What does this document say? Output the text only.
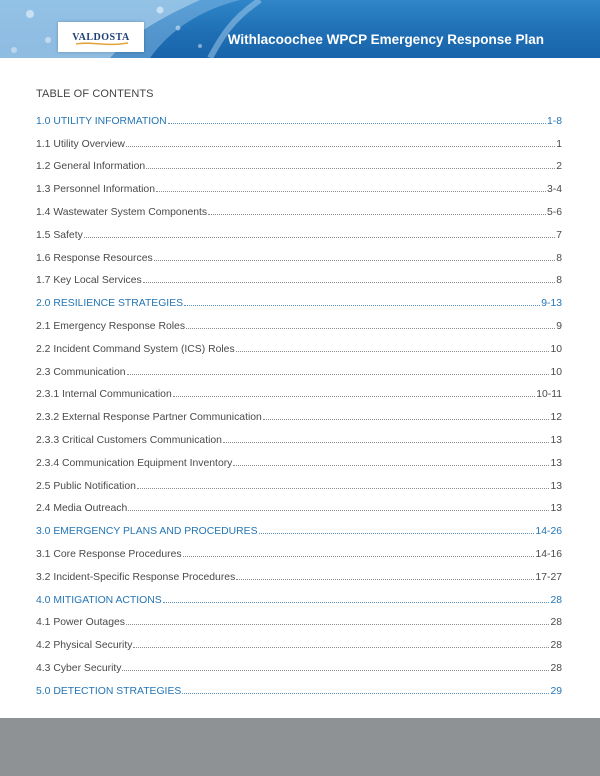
VALDOSTA	Withlacoochee WPCP Emergency Response Plan
TABLE OF CONTENTS
1.0 UTILITY INFORMATION	1-8
1.1 Utility Overview	1
1.2 General Information	2
1.3 Personnel Information	3-4
1.4 Wastewater System Components	5-6
1.5 Safety	7
1.6 Response Resources	8
1.7 Key Local Services	8
2.0 RESILIENCE STRATEGIES	9-13
2.1 Emergency Response Roles	9
2.2 Incident Command System (ICS) Roles	10
2.3 Communication	10
2.3.1 Internal Communication	10-11
2.3.2 External Response Partner Communication	12
2.3.3 Critical Customers Communication	13
2.3.4 Communication Equipment Inventory	13
2.5 Public Notification	13
2.4 Media Outreach	13
3.0 EMERGENCY PLANS AND PROCEDURES	14-26
3.1 Core Response Procedures	14-16
3.2 Incident-Specific Response Procedures	17-27
4.0 MITIGATION ACTIONS	28
4.1 Power Outages	28
4.2 Physical Security	28
4.3 Cyber Security	28
5.0 DETECTION STRATEGIES	29
